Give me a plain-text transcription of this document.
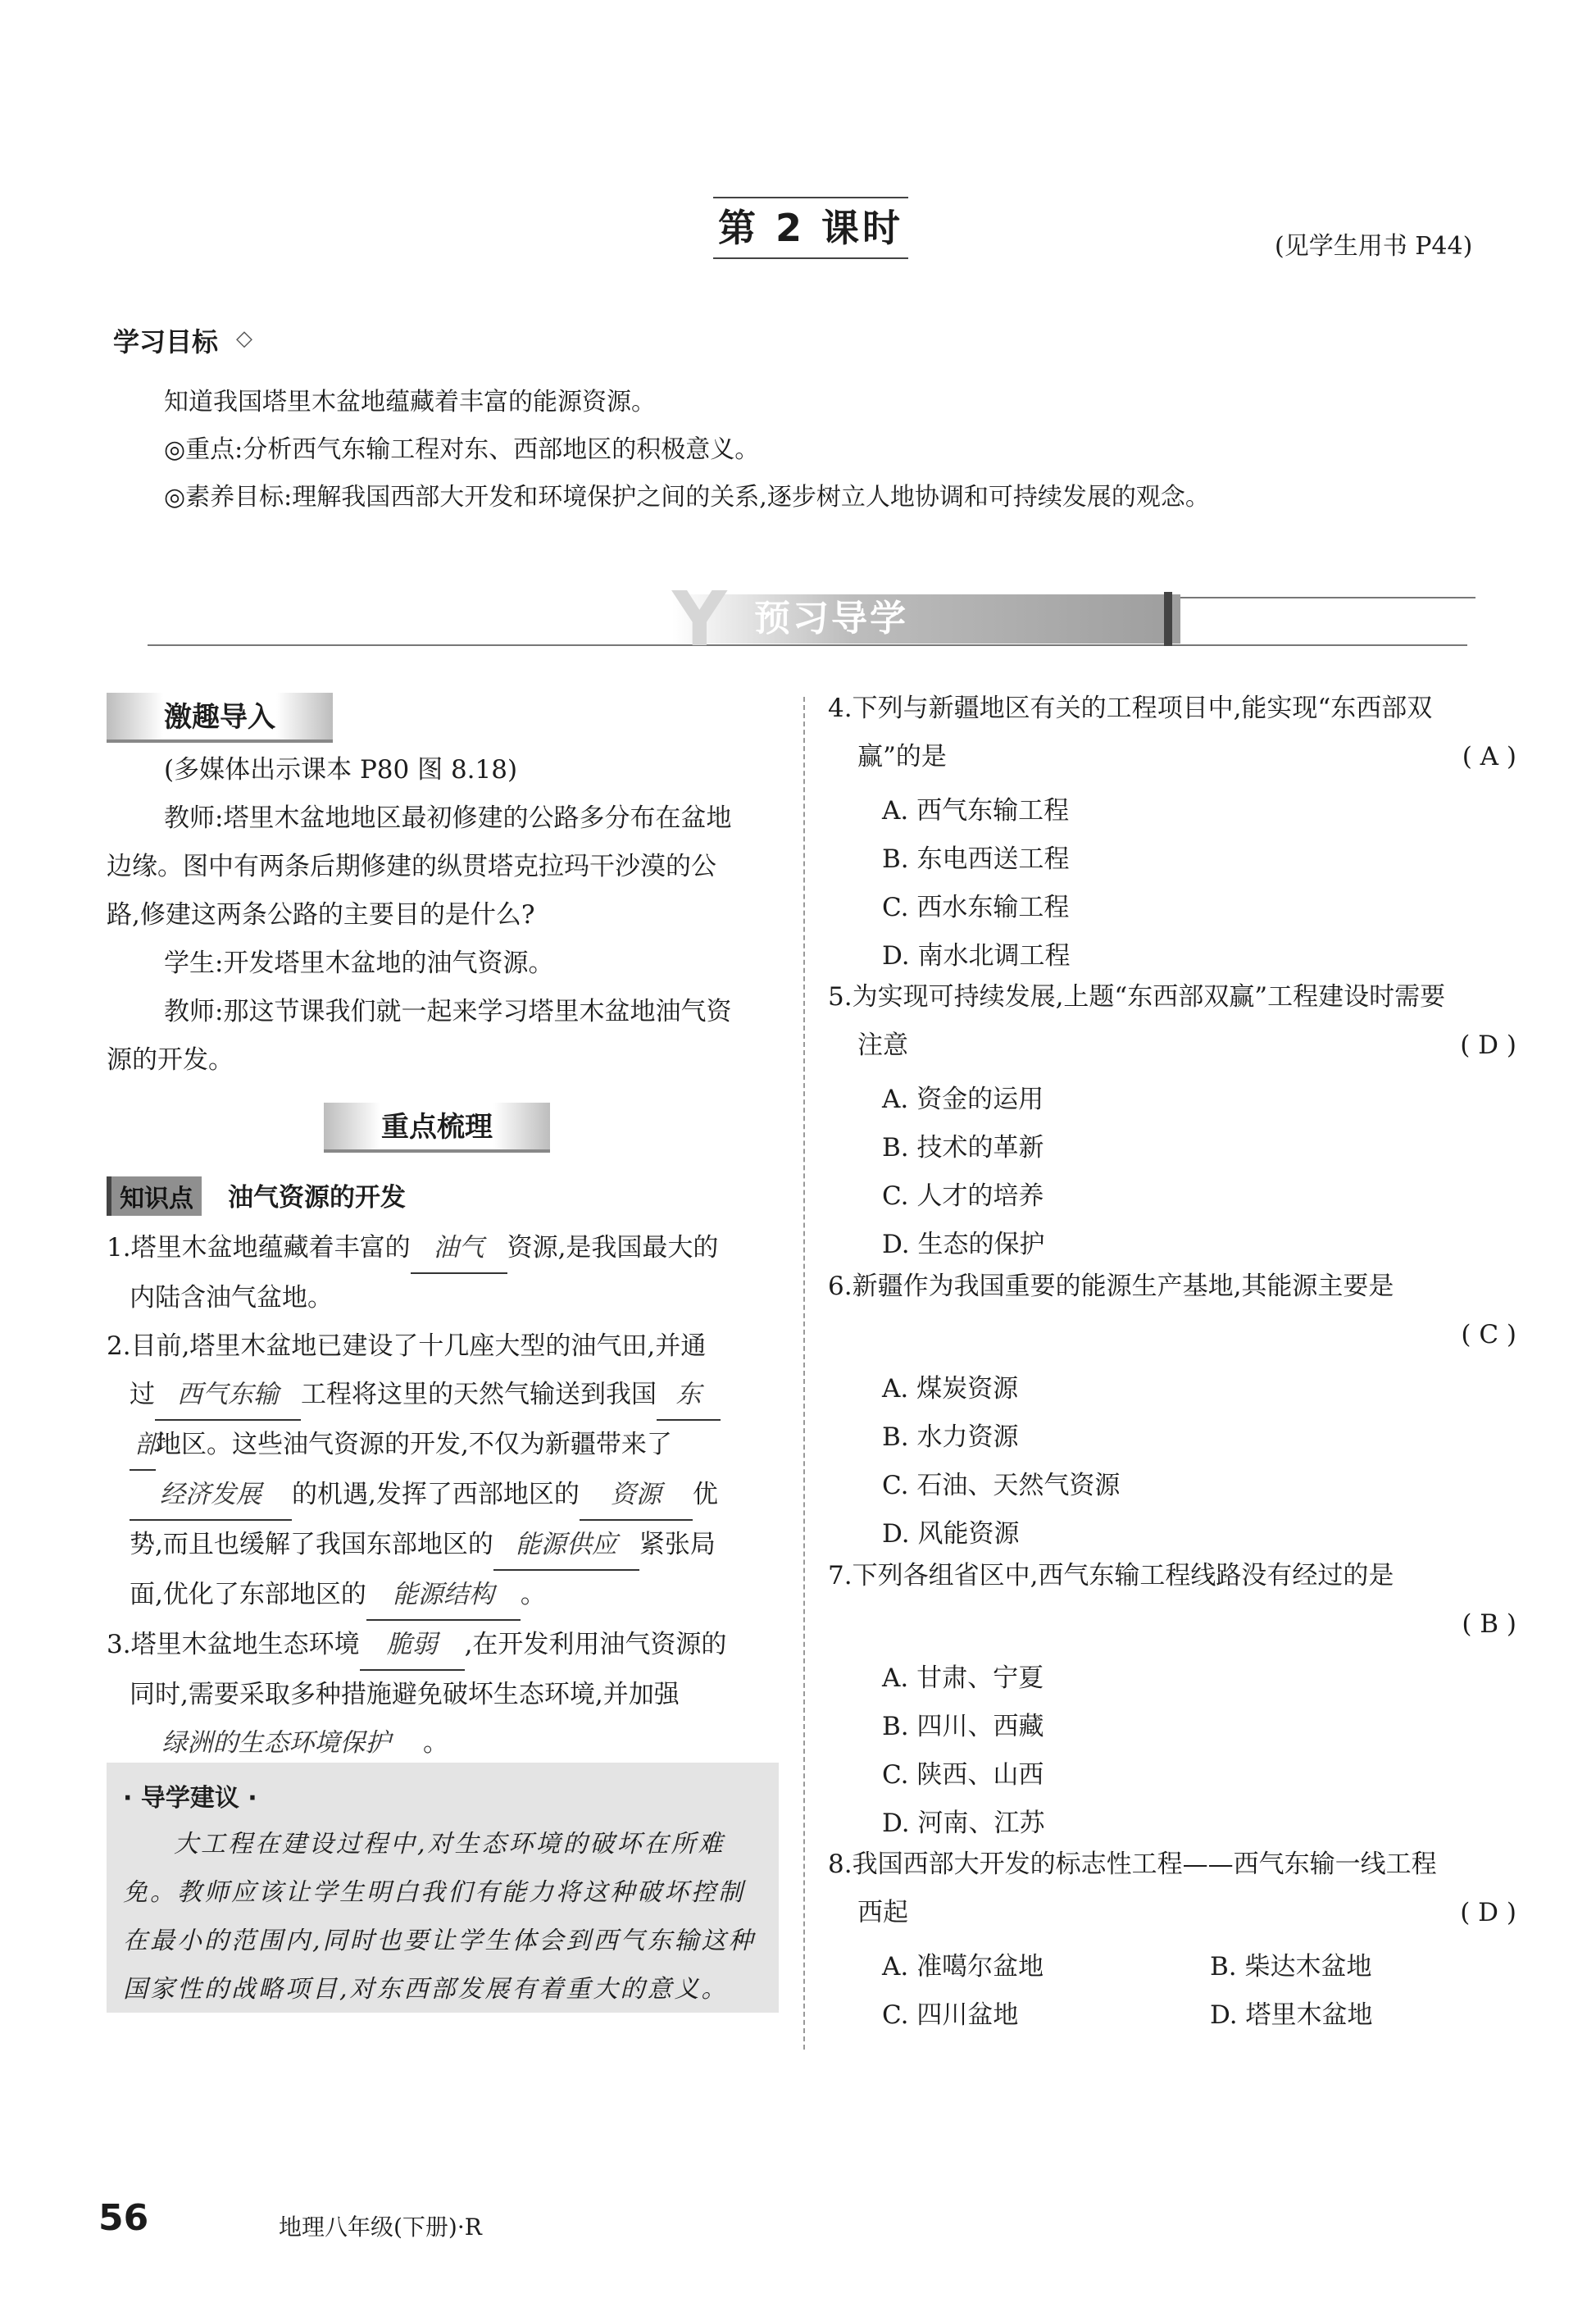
第 2 课时	(见学生用书 P44)
学习目标 ◇
知道我国塔里木盆地蕴藏着丰富的能源资源。
◎重点:分析西气东输工程对东、西部地区的积极意义。
◎素养目标:理解我国西部大开发和环境保护之间的关系,逐步树立人地协调和可持续发展的观念。
Y 预习导学
激趣导入
(多媒体出示课本 P80 图 8.18)
教师:塔里木盆地地区最初修建的公路多分布在盆地
边缘。图中有两条后期修建的纵贯塔克拉玛干沙漠的公
路,修建这两条公路的主要目的是什么?
学生:开发塔里木盆地的油气资源。
教师:那这节课我们就一起来学习塔里木盆地油气资
源的开发。
重点梳理
知识点	油气资源的开发
1.塔里木盆地蕴藏着丰富的 油气 资源,是我国最大的
内陆含油气盆地。
2.目前,塔里木盆地已建设了十几座大型的油气田,并通
过 西气东输 工程将这里的天然气输送到我国 东
部地区。这些油气资源的开发,不仅为新疆带来了
经济发展 的机遇,发挥了西部地区的 资源 优
势,而且也缓解了我国东部地区的 能源供应 紧张局
面,优化了东部地区的 能源结构 。
3.塔里木盆地生态环境 脆弱 ,在开发利用油气资源的
同时,需要采取多种措施避免破坏生态环境,并加强
绿洲的生态环境保护 。
· 导学建议 ·
大工程在建设过程中,对生态环境的破坏在所难
免。教师应该让学生明白我们有能力将这种破坏控制
在最小的范围内,同时也要让学生体会到西气东输这种
国家性的战略项目,对东西部发展有着重大的意义。
4.下列与新疆地区有关的工程项目中,能实现“东西部双
赢”的是	( A )
A. 西气东输工程
B. 东电西送工程
C. 西水东输工程
D. 南水北调工程
5.为实现可持续发展,上题“东西部双赢”工程建设时需要
注意	( D )
A. 资金的运用
B. 技术的革新
C. 人才的培养
D. 生态的保护
6.新疆作为我国重要的能源生产基地,其能源主要是
( C )
A. 煤炭资源
B. 水力资源
C. 石油、天然气资源
D. 风能资源
7.下列各组省区中,西气东输工程线路没有经过的是
( B )
A. 甘肃、宁夏
B. 四川、西藏
C. 陕西、山西
D. 河南、江苏
8.我国西部大开发的标志性工程——西气东输一线工程
西起	( D )
A. 准噶尔盆地	B. 柴达木盆地
C. 四川盆地	D. 塔里木盆地
56	地理八年级(下册)·R
